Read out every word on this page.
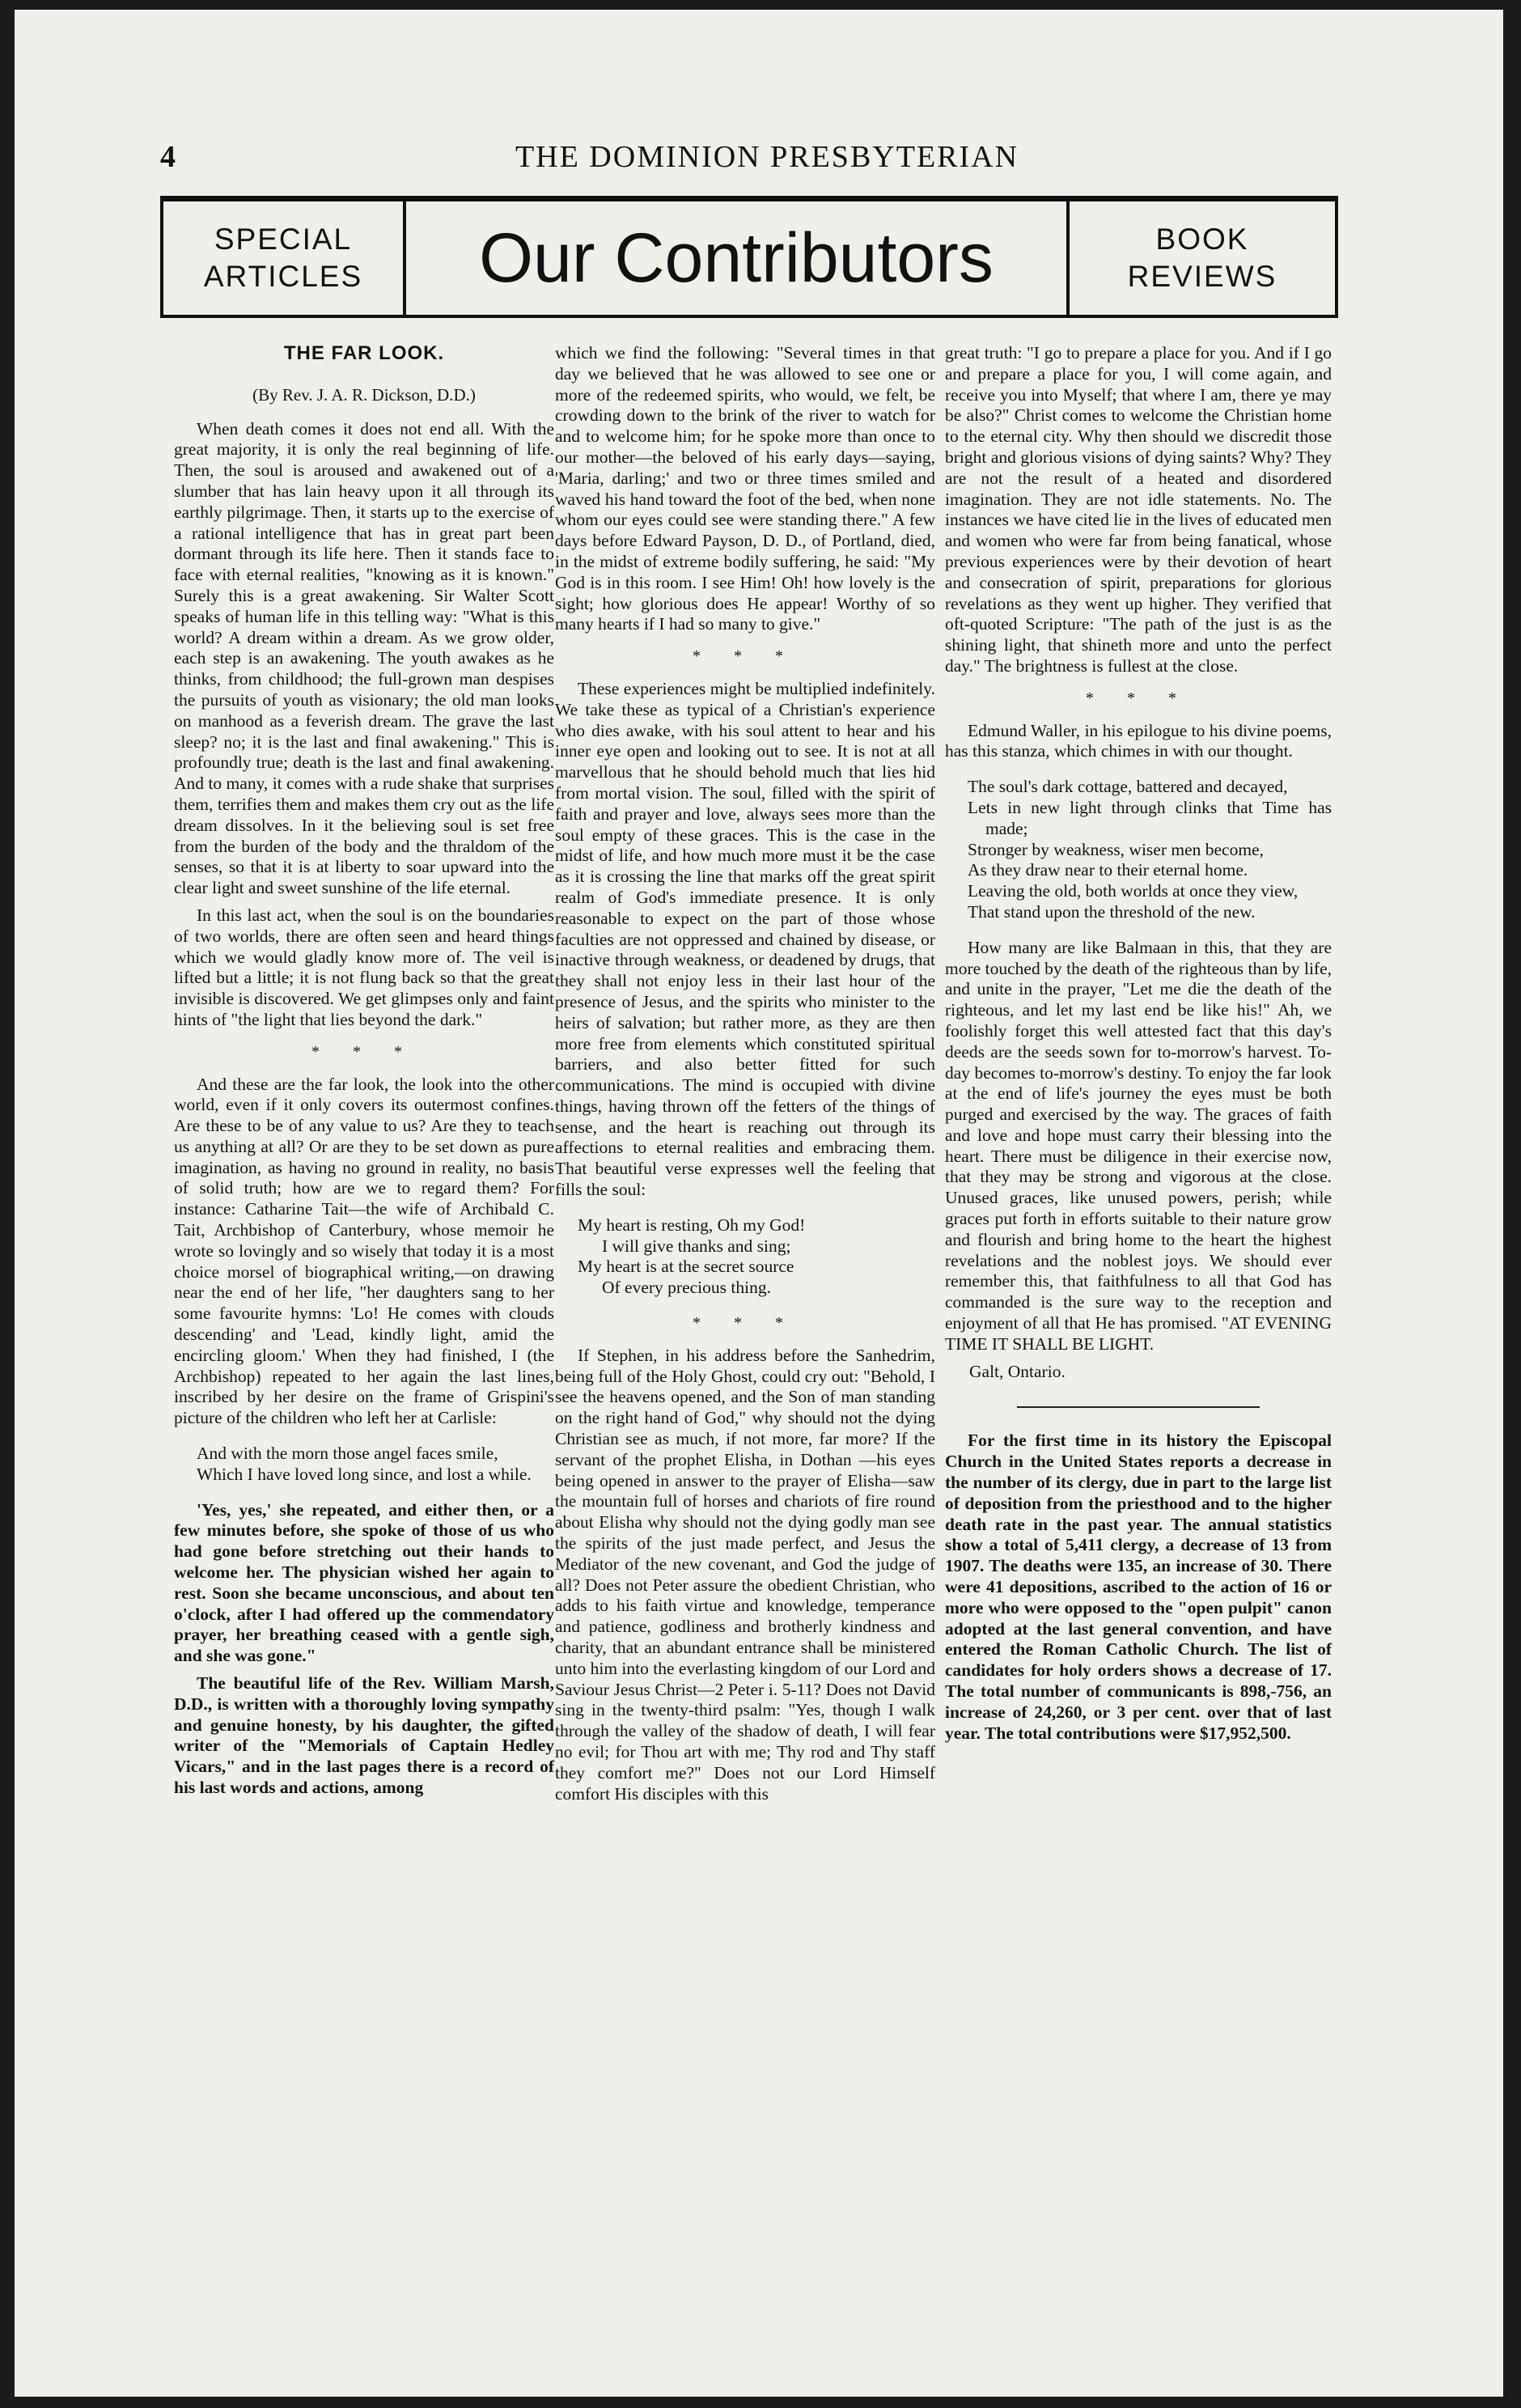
4	THE DOMINION PRESBYTERIAN
SPECIAL
ARTICLES Our Contributors	BOOK
REVIEWS
THE FAR LOOK.
(By Rev. J. A. R. Dickson, D.D.)

When death comes it does not end all. With the great majority, it is only the real beginning of life. Then, the soul is aroused and awakened out of a slumber that has lain heavy upon it all through its earthly pilgrimage. Then, it starts up to the exercise of a rational intelligence that has in great part been dormant through its life here. Then it stands face to face with eternal realities, "knowing as it is known." Surely this is a great awakening. Sir Walter Scott speaks of human life in this telling way: "What is this world? A dream within a dream. As we grow older, each step is an awakening. The youth awakes as he thinks, from childhood; the full-grown man despises the pursuits of youth as visionary; the old man looks on manhood as a feverish dream. The grave the last sleep? no; it is the last and final awakening." This is profoundly true; death is the last and final awakening. And to many, it comes with a rude shake that surprises them, terrifies them and makes them cry out as the life dream dissolves. In it the believing soul is set free from the burden of the body and the thraldom of the senses, so that it is at liberty to soar upward into the clear light and sweet sunshine of the life eternal.

In this last act, when the soul is on the boundaries of two worlds, there are often seen and heard things which we would gladly know more of. The veil is lifted but a little; it is not flung back so that the great invisible is discovered. We get glimpses only and faint hints of "the light that lies beyond the dark."

* * *

And these are the far look, the look into the other world, even if it only covers its outermost confines. Are these to be of any value to us? Are they to teach us anything at all? Or are they to be set down as pure imagination, as having no ground in reality, no basis of solid truth; how are we to regard them? For instance: Catharine Tait—the wife of Archibald C. Tait, Archbishop of Canterbury, whose memoir he wrote so lovingly and so wisely that today it is a most choice morsel of biographical writing,—on drawing near the end of her life, "her daughters sang to her some favourite hymns: 'Lo! He comes with clouds descending' and 'Lead, kindly light, amid the encircling gloom.' When they had finished, I (the Archbishop) repeated to her again the last lines, inscribed by her desire on the frame of Grispini's picture of the children who left her at Carlisle:

And with the morn those angel faces smile,
Which I have loved long since, and lost a while.

'Yes, yes,' she repeated, and either then, or a few minutes before, she spoke of those of us who had gone before stretching out their hands to welcome her. The physician wished her again to rest. Soon she became unconscious, and about ten o'clock, after I had offered up the commendatory prayer, her breathing ceased with a gentle sigh, and she was gone."

The beautiful life of the Rev. William Marsh, D.D., is written with a thoroughly loving sympathy and genuine honesty, by his daughter, the gifted writer of the "Memorials of Captain Hedley Vicars," and in the last pages there is a record of his last words and actions, among

which we find the following: "Several times in that day we believed that he was allowed to see one or more of the redeemed spirits, who would, we felt, be crowding down to the brink of the river to watch for and to welcome him; for he spoke more than once to our mother—the beloved of his early days—saying, 'Maria, darling;' and two or three times smiled and waved his hand toward the foot of the bed, when none whom our eyes could see were standing there." A few days before Edward Payson, D. D., of Portland, died, in the midst of extreme bodily suffering, he said: "My God is in this room. I see Him! Oh! how lovely is the sight; how glorious does He appear! Worthy of so many hearts if I had so many to give."

* * *

These experiences might be multiplied indefinitely. We take these as typical of a Christian's experience who dies awake, with his soul attent to hear and his inner eye open and looking out to see. It is not at all marvellous that he should behold much that lies hid from mortal vision. The soul, filled with the spirit of faith and prayer and love, always sees more than the soul empty of these graces. This is the case in the midst of life, and how much more must it be the case as it is crossing the line that marks off the great spirit realm of God's immediate presence. It is only reasonable to expect on the part of those whose faculties are not oppressed and chained by disease, or inactive through weakness, or deadened by drugs, that they shall not enjoy less in their last hour of the presence of Jesus, and the spirits who minister to the heirs of salvation; but rather more, as they are then more free from elements which constituted spiritual barriers, and also better fitted for such communications. The mind is occupied with divine things, having thrown off the fetters of the things of sense, and the heart is reaching out through its affections to eternal realities and embracing them. That beautiful verse expresses well the feeling that fills the soul:

My heart is resting, Oh my God!
I will give thanks and sing;
My heart is at the secret source
Of every precious thing.
* * *

If Stephen, in his address before the Sanhedrim, being full of the Holy Ghost, could cry out: "Behold, I see the heavens opened, and the Son of man standing on the right hand of God," why should not the dying Christian see as much, if not more, far more? If the servant of the prophet Elisha, in Dothan —his eyes being opened in answer to the prayer of Elisha—saw the mountain full of horses and chariots of fire round about Elisha why should not the dying godly man see the spirits of the just made perfect, and Jesus the Mediator of the new covenant, and God the judge of all? Does not Peter assure the obedient Christian, who adds to his faith virtue and knowledge, temperance and patience, godliness and brotherly kindness and charity, that an abundant entrance shall be ministered unto him into the everlasting kingdom of our Lord and Saviour Jesus Christ—2 Peter i. 5-11? Does not David sing in the twenty-third psalm: "Yes, though I walk through the valley of the shadow of death, I will fear no evil; for Thou art with me; Thy rod and Thy staff they comfort me?" Does not our Lord Himself comfort His disciples with this

great truth: "I go to prepare a place for you. And if I go and prepare a place for you, I will come again, and receive you into Myself; that where I am, there ye may be also?" Christ comes to welcome the Christian home to the eternal city. Why then should we discredit those bright and glorious visions of dying saints? Why? They are not the result of a heated and disordered imagination. They are not idle statements. No. The instances we have cited lie in the lives of educated men and women who were far from being fanatical, whose previous experiences were by their devotion of heart and consecration of spirit, preparations for glorious revelations as they went up higher. They verified that oft-quoted Scripture: "The path of the just is as the shining light, that shineth more and unto the perfect day." The brightness is fullest at the close.

* * *

Edmund Waller, in his epilogue to his divine poems, has this stanza, which chimes in with our thought.

The soul's dark cottage, battered and decayed,
Lets in new light through clinks that Time has made;
Stronger by weakness, wiser men become,
As they draw near to their eternal home.
Leaving the old, both worlds at once they view,
That stand upon the threshold of the new.

How many are like Balmaan in this, that they are more touched by the death of the righteous than by life, and unite in the prayer, "Let me die the death of the righteous, and let my last end be like his!" Ah, we foolishly forget this well attested fact that this day's deeds are the seeds sown for to-morrow's harvest. To-day becomes to-morrow's destiny. To enjoy the far look at the end of life's journey the eyes must be both purged and exercised by the way. The graces of faith and love and hope must carry their blessing into the heart. There must be diligence in their exercise now, that they may be strong and vigorous at the close. Unused graces, like unused powers, perish; while graces put forth in efforts suitable to their nature grow and flourish and bring home to the heart the highest revelations and the noblest joys. We should ever remember this, that faithfulness to all that God has commanded is the sure way to the reception and enjoyment of all that He has promised. "AT EVENING TIME IT SHALL BE LIGHT.

Galt, Ontario.

For the first time in its history the Episcopal Church in the United States reports a decrease in the number of its clergy, due in part to the large list of deposition from the priesthood and to the higher death rate in the past year. The annual statistics show a total of 5,411 clergy, a decrease of 13 from 1907. The deaths were 135, an increase of 30. There were 41 depositions, ascribed to the action of 16 or more who were opposed to the "open pulpit" canon adopted at the last general convention, and have entered the Roman Catholic Church. The list of candidates for holy orders shows a decrease of 17. The total number of communicants is 898,-756, an increase of 24,260, or 3 per cent. over that of last year. The total contributions were $17,952,500.
